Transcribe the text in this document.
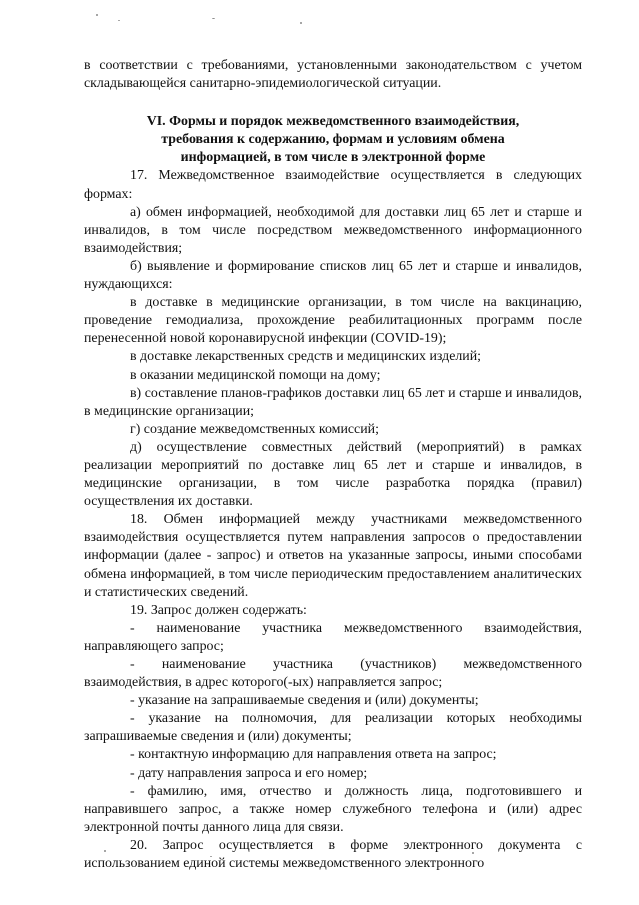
в соответствии с требованиями, установленными законодательством с учетом складывающейся санитарно-эпидемиологической ситуации.

VI. Формы и порядок межведомственного взаимодействия,
требования к содержанию, формам и условиям обмена
информацией, в том числе в электронной форме

17. Межведомственное взаимодействие осуществляется в следующих формах:

а) обмен информацией, необходимой для доставки лиц 65 лет и старше и инвалидов, в том числе посредством межведомственного информационного взаимодействия;

б) выявление и формирование списков лиц 65 лет и старше и инвалидов, нуждающихся:

в доставке в медицинские организации, в том числе на вакцинацию, проведение гемодиализа, прохождение реабилитационных программ после перенесенной новой коронавирусной инфекции (COVID-19);

в доставке лекарственных средств и медицинских изделий;

в оказании медицинской помощи на дому;

в) составление планов-графиков доставки лиц 65 лет и старше и инвалидов, в медицинские организации;

г) создание межведомственных комиссий;

д) осуществление совместных действий (мероприятий) в рамках реализации мероприятий по доставке лиц 65 лет и старше и инвалидов, в медицинские организации, в том числе разработка порядка (правил) осуществления их доставки.

18. Обмен информацией между участниками межведомственного взаимодействия осуществляется путем направления запросов о предоставлении информации (далее - запрос) и ответов на указанные запросы, иными способами обмена информацией, в том числе периодическим предоставлением аналитических и статистических сведений.

19. Запрос должен содержать:

- наименование участника межведомственного взаимодействия, направляющего запрос;

- наименование участника (участников) межведомственного взаимодействия, в адрес которого(-ых) направляется запрос;

- указание на запрашиваемые сведения и (или) документы;

- указание на полномочия, для реализации которых необходимы запрашиваемые сведения и (или) документы;

- контактную информацию для направления ответа на запрос;

- дату направления запроса и его номер;

- фамилию, имя, отчество и должность лица, подготовившего и направившего запрос, а также номер служебного телефона и (или) адрес электронной почты данного лица для связи.

20. Запрос осуществляется в форме электронного документа с использованием единой системы межведомственного электронного
